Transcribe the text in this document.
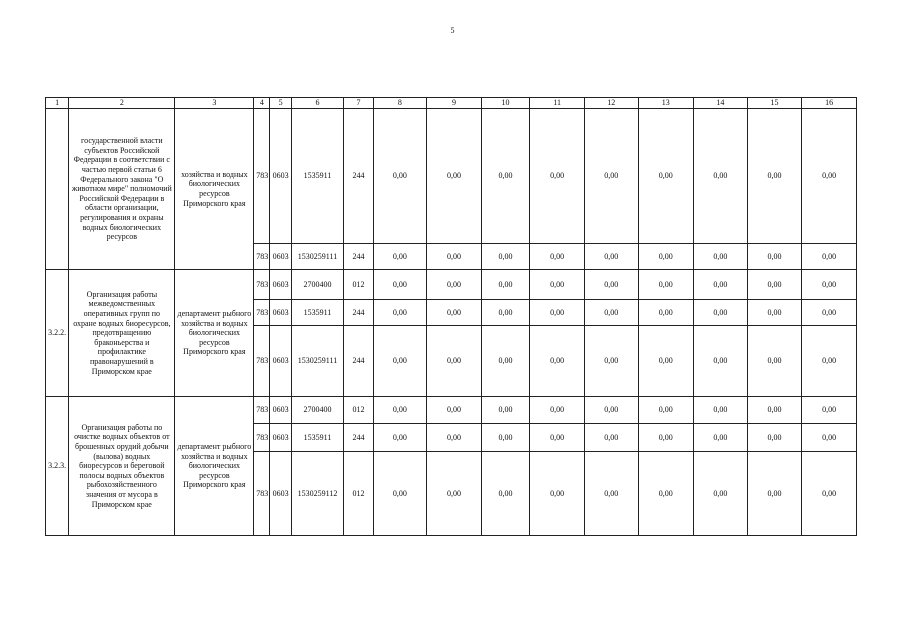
5
1	2	3	4	5	6	7	8	9	10	11	12	13	14	15	16
	государственной власти субъектов Российской Федерации в соответствии с частью первой статьи 6 Федерального закона "О животном мире" полномочий Российской Федерации в области организации, регулирования и охраны водных биологических ресурсов	хозяйства и водных биологических ресурсов Приморского края	783	0603	1535911	244	0,00	0,00	0,00	0,00	0,00	0,00	0,00	0,00	0,00
			783	0603	1530259111	244	0,00	0,00	0,00	0,00	0,00	0,00	0,00	0,00	0,00
3.2.2.	Организация работы межведомственных оперативных групп по охране водных биоресурсов, предотвращению браконьерства и профилактике правонарушений в Приморском крае	департамент рыбного хозяйства и водных биологических ресурсов Приморского края	783	0603	2700400	012	0,00	0,00	0,00	0,00	0,00	0,00	0,00	0,00	0,00
			783	0603	1535911	244	0,00	0,00	0,00	0,00	0,00	0,00	0,00	0,00	0,00
			783	0603	1530259111	244	0,00	0,00	0,00	0,00	0,00	0,00	0,00	0,00	0,00
3.2.3.	Организация работы по очистке водных объектов от брошенных орудий добычи (вылова) водных биоресурсов и береговой полосы водных объектов рыбохозяйственного значения от мусора в Приморском крае	департамент рыбного хозяйства и водных биологических ресурсов Приморского края	783	0603	2700400	012	0,00	0,00	0,00	0,00	0,00	0,00	0,00	0,00	0,00
			783	0603	1535911	244	0,00	0,00	0,00	0,00	0,00	0,00	0,00	0,00	0,00
			783	0603	1530259112	012	0,00	0,00	0,00	0,00	0,00	0,00	0,00	0,00	0,00
